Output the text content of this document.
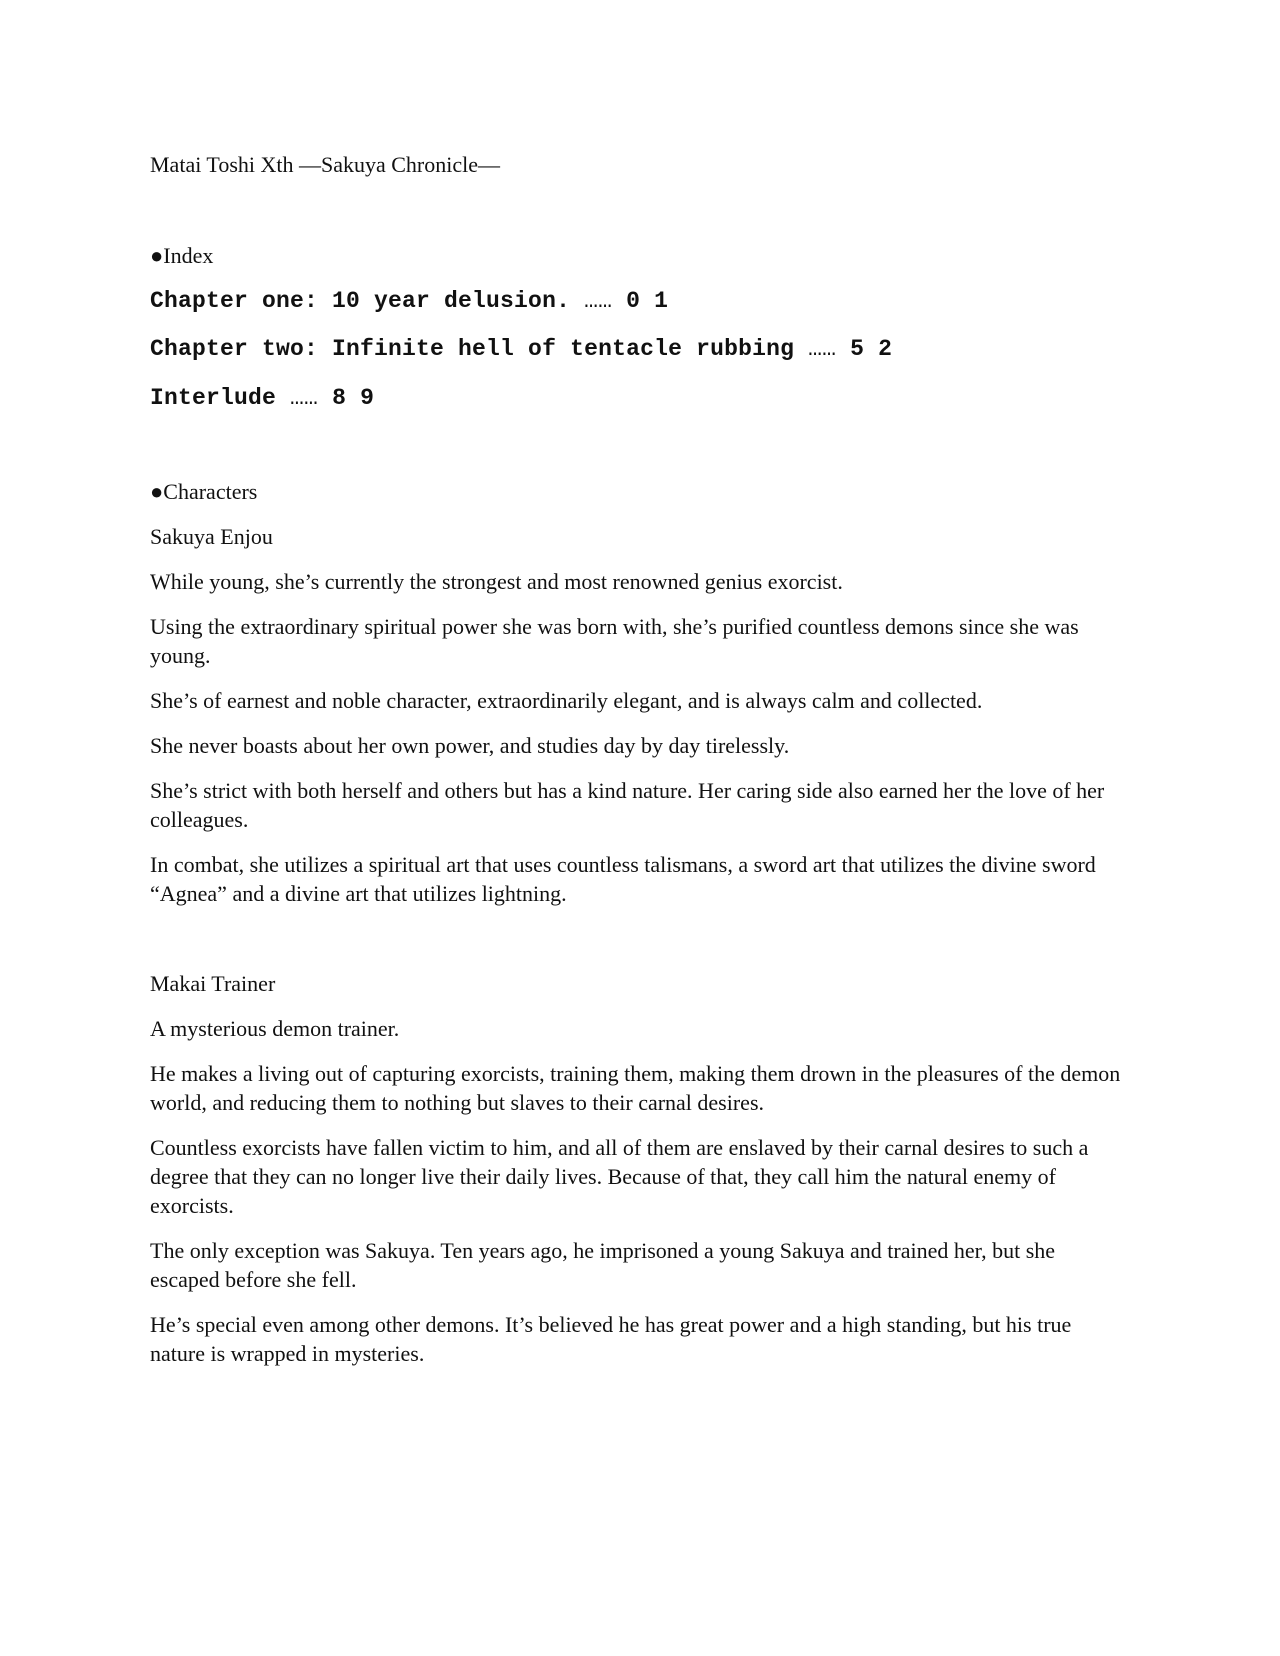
Matai Toshi Xth —Sakuya Chronicle—
●Index
Chapter one: 10 year delusion. …… 0 1
Chapter two: Infinite hell of tentacle rubbing …… 5 2
Interlude …… 8 9
●Characters
Sakuya Enjou

While young, she’s currently the strongest and most renowned genius exorcist.

Using the extraordinary spiritual power she was born with, she’s purified countless demons since she was young.

She’s of earnest and noble character, extraordinarily elegant, and is always calm and collected.

She never boasts about her own power, and studies day by day tirelessly.

She’s strict with both herself and others but has a kind nature. Her caring side also earned her the love of her colleagues.

In combat, she utilizes a spiritual art that uses countless talismans, a sword art that utilizes the divine sword “Agnea” and a divine art that utilizes lightning.

Makai Trainer

A mysterious demon trainer.

He makes a living out of capturing exorcists, training them, making them drown in the pleasures of the demon world, and reducing them to nothing but slaves to their carnal desires.

Countless exorcists have fallen victim to him, and all of them are enslaved by their carnal desires to such a degree that they can no longer live their daily lives. Because of that, they call him the natural enemy of exorcists.

The only exception was Sakuya. Ten years ago, he imprisoned a young Sakuya and trained her, but she escaped before she fell.

He’s special even among other demons. It’s believed he has great power and a high standing, but his true nature is wrapped in mysteries.
